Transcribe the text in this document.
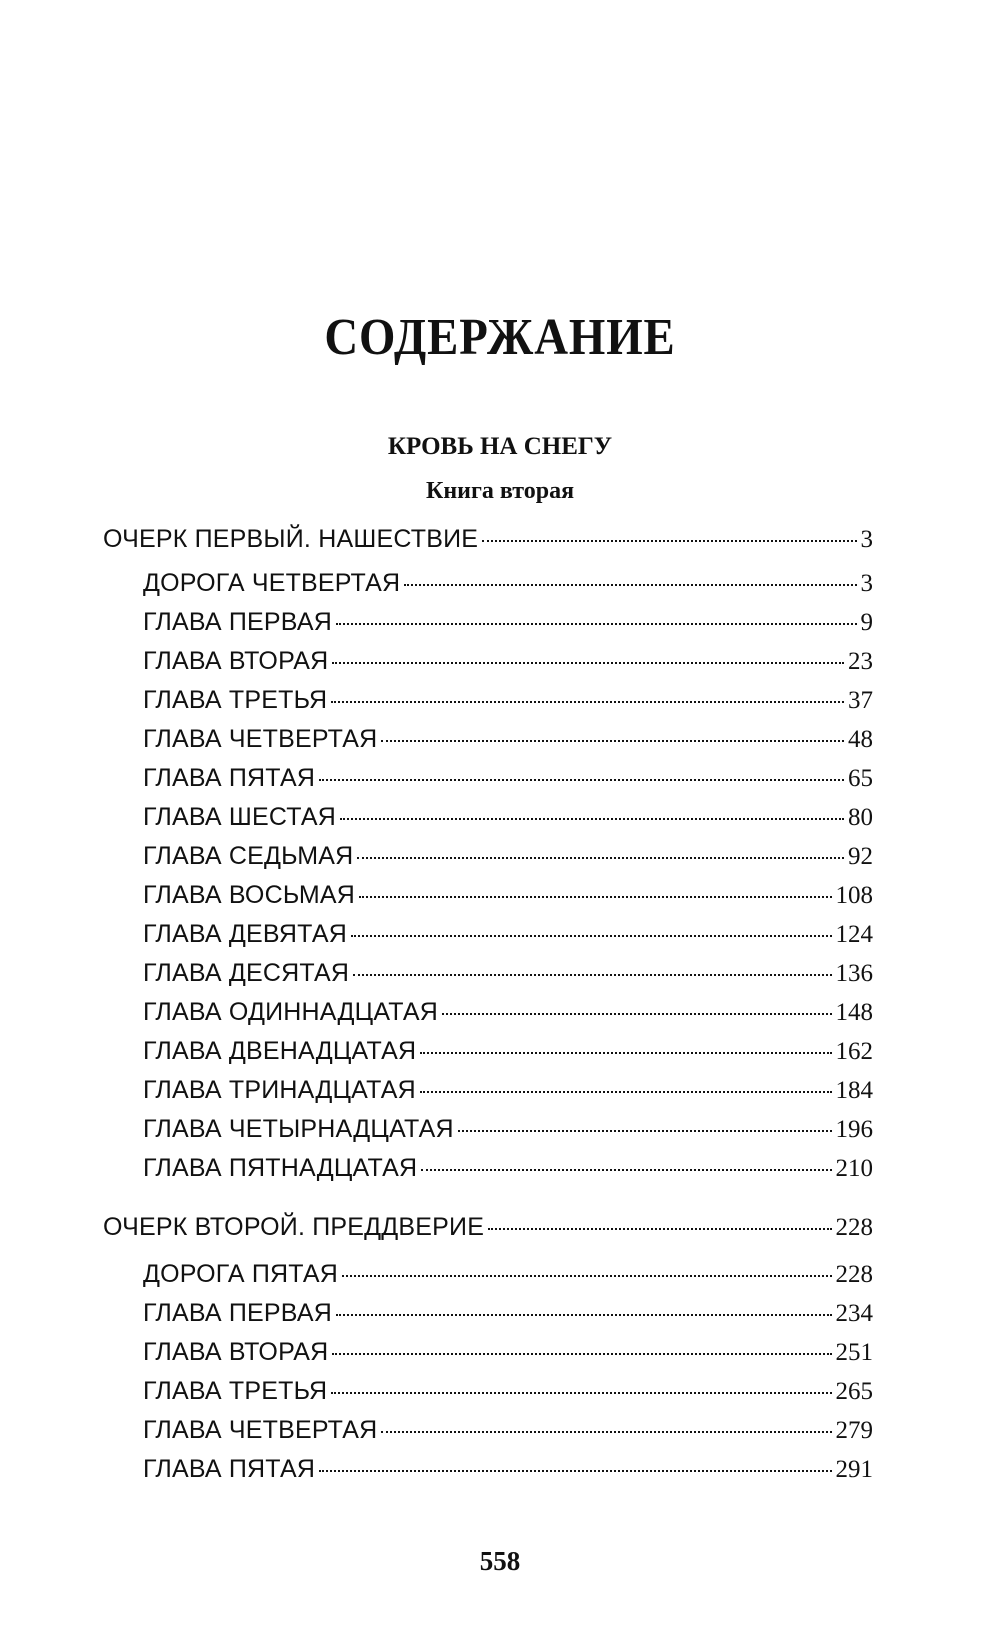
СОДЕРЖАНИЕ
КРОВЬ НА СНЕГУ
Книга вторая
ОЧЕРК ПЕРВЫЙ. НАШЕСТВИЕ	3
ДОРОГА ЧЕТВЕРТАЯ	3
ГЛАВА ПЕРВАЯ	9
ГЛАВА ВТОРАЯ	23
ГЛАВА ТРЕТЬЯ	37
ГЛАВА ЧЕТВЕРТАЯ	48
ГЛАВА ПЯТАЯ	65
ГЛАВА ШЕСТАЯ	80
ГЛАВА СЕДЬМАЯ	92
ГЛАВА ВОСЬМАЯ	108
ГЛАВА ДЕВЯТАЯ	124
ГЛАВА ДЕСЯТАЯ	136
ГЛАВА ОДИННАДЦАТАЯ	148
ГЛАВА ДВЕНАДЦАТАЯ	162
ГЛАВА ТРИНАДЦАТАЯ	184
ГЛАВА ЧЕТЫРНАДЦАТАЯ	196
ГЛАВА ПЯТНАДЦАТАЯ	210
ОЧЕРК ВТОРОЙ. ПРЕДДВЕРИЕ	228
ДОРОГА ПЯТАЯ	228
ГЛАВА ПЕРВАЯ	234
ГЛАВА ВТОРАЯ	251
ГЛАВА ТРЕТЬЯ	265
ГЛАВА ЧЕТВЕРТАЯ	279
ГЛАВА ПЯТАЯ	291
558
